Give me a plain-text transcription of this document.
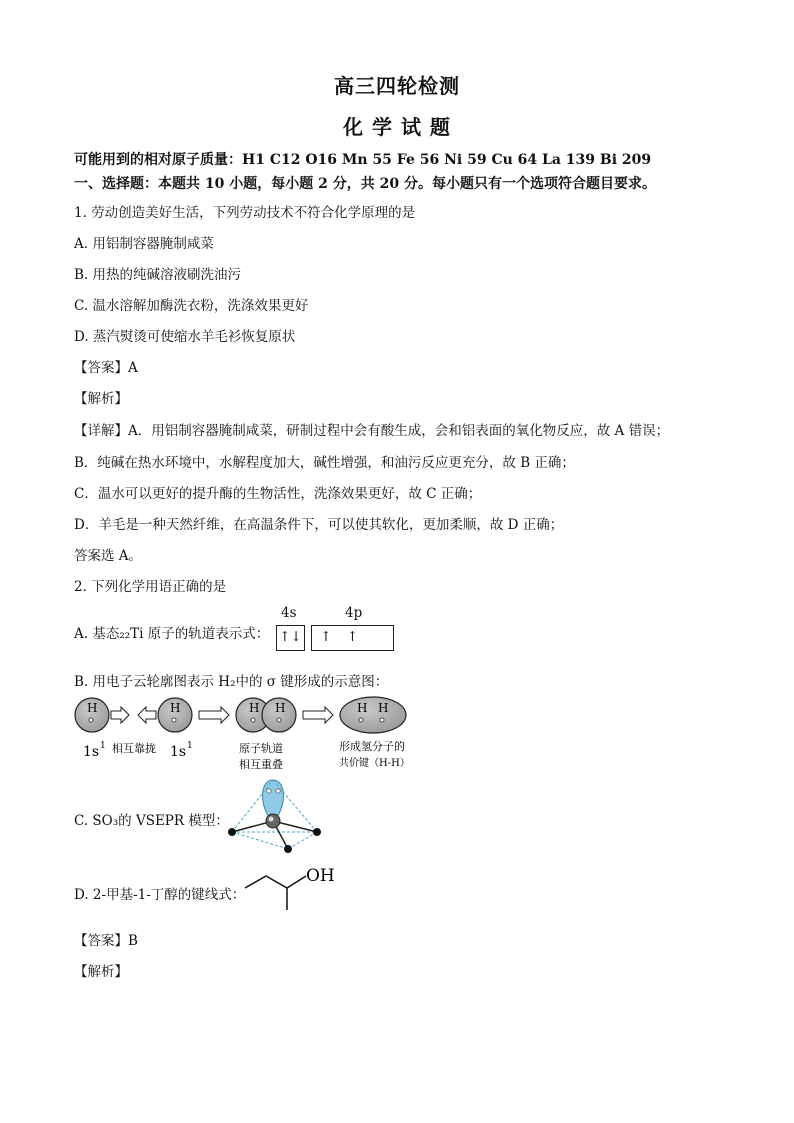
高三四轮检测
化 学 试 题
可能用到的相对原子质量：H1 C12 O16 Mn 55 Fe 56 Ni 59 Cu 64 La 139 Bi 209
一、选择题：本题共 10 小题，每小题 2 分，共 20 分。每小题只有一个选项符合题目要求。
1. 劳动创造美好生活，下列劳动技术不符合化学原理的是
A. 用铝制容器腌制咸菜
B. 用热的纯碱溶液刷洗油污
C. 温水溶解加酶洗衣粉，洗涤效果更好
D. 蒸汽熨烫可使缩水羊毛衫恢复原状
【答案】A
【解析】
【详解】A．用铝制容器腌制咸菜，研制过程中会有酸生成，会和铝表面的氧化物反应，故 A 错误；
B．纯碱在热水环境中，水解程度加大，碱性增强，和油污反应更充分，故 B 正确；
C．温水可以更好的提升酶的生物活性，洗涤效果更好，故 C 正确；
D．羊毛是一种天然纤维，在高温条件下，可以使其软化，更加柔顺，故 D 正确；
答案选 A。
2. 下列化学用语正确的是
A. 基态₂₂Ti 原子的轨道表示式：
4s	4p
↑↓	↑	↑
B. 用电子云轮廓图表示 H₂中的 σ 键形成的示意图：
H	H	H H	H H
1s 1 相互靠拢 1s 1	原子轨道
相互重叠
形成氢分子的
共价键（H-H）
C. SO₃的 VSEPR 模型：
D. 2-甲基-1-丁醇的键线式：
OH
【答案】B
【解析】
